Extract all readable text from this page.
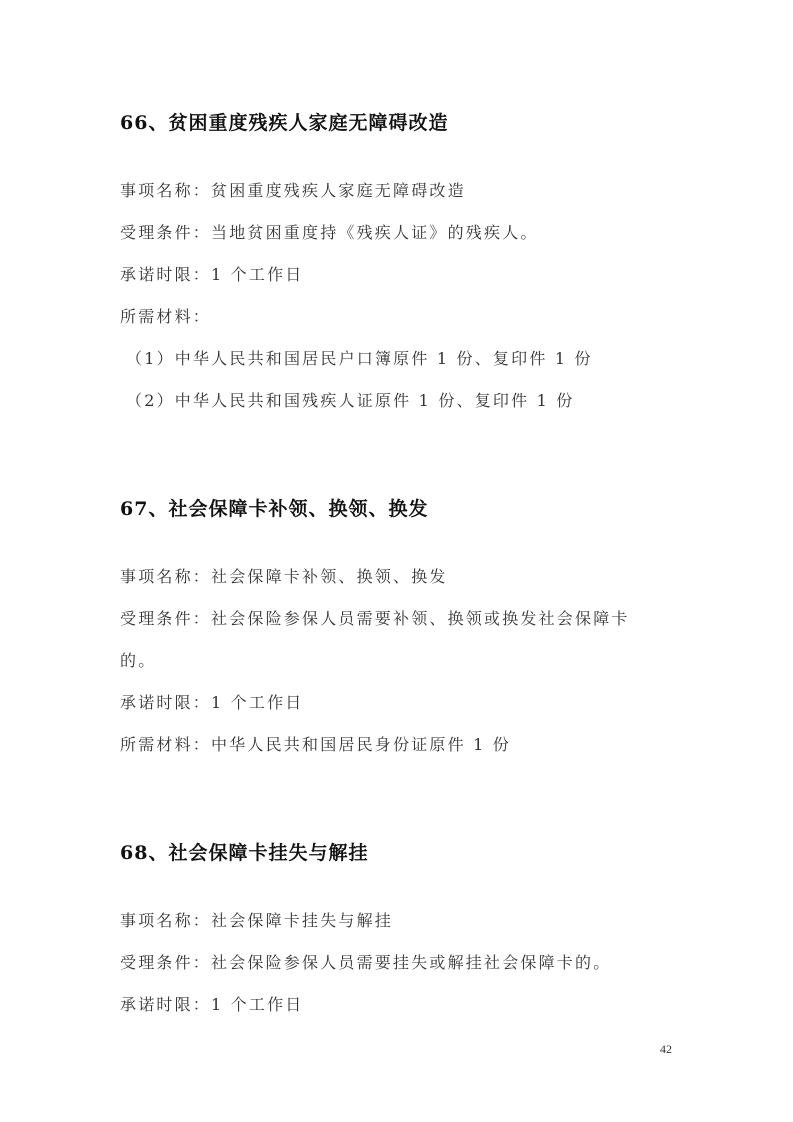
66、贫困重度残疾人家庭无障碍改造
事项名称：贫困重度残疾人家庭无障碍改造
受理条件：当地贫困重度持《残疾人证》的残疾人。
承诺时限：1 个工作日
所需材料：
（1）中华人民共和国居民户口簿原件 1 份、复印件 1 份
（2）中华人民共和国残疾人证原件 1 份、复印件 1 份
67、社会保障卡补领、换领、换发
事项名称：社会保障卡补领、换领、换发
受理条件：社会保险参保人员需要补领、换领或换发社会保障卡
的。
承诺时限：1 个工作日
所需材料：中华人民共和国居民身份证原件 1 份
68、社会保障卡挂失与解挂
事项名称：社会保障卡挂失与解挂
受理条件：社会保险参保人员需要挂失或解挂社会保障卡的。
承诺时限：1 个工作日
42
